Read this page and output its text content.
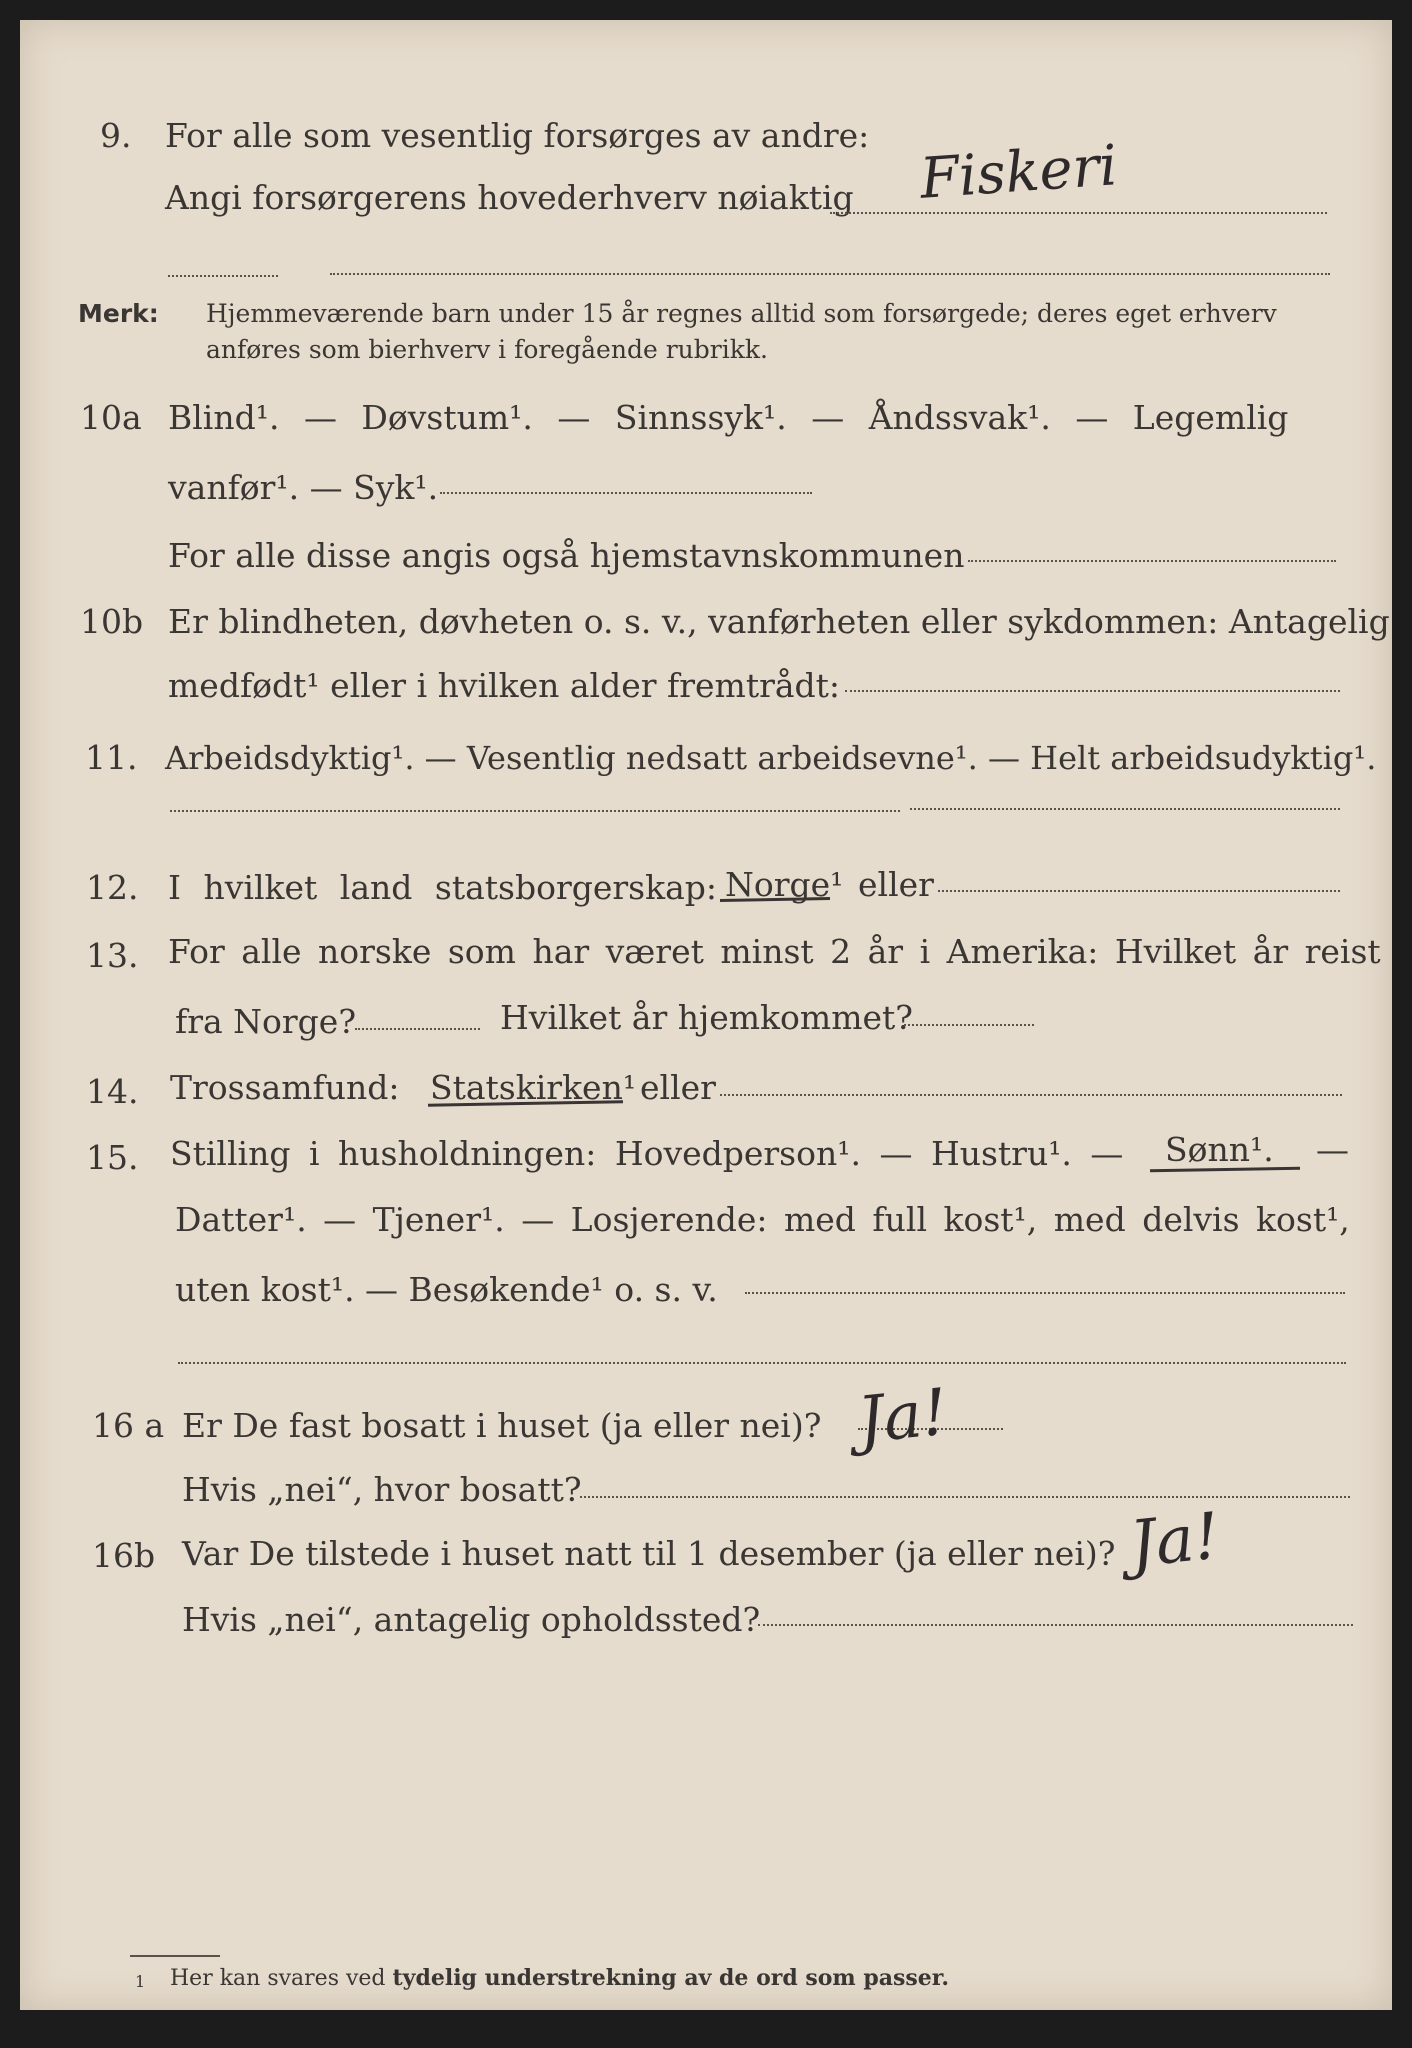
9. For alle som vesentlig forsørges av andre:
Angi forsørgerens hovederhverv nøiaktig Fiskeri
Merk: Hjemmeværende barn under 15 år regnes alltid som forsørgede; deres eget erhverv
anføres som bierhverv i foregående rubrikk.
10a Blind¹. — Døvstum¹. — Sinnssyk¹. — Åndssvak¹. — Legemlig
vanfør¹. — Syk¹.
For alle disse angis også hjemstavnskommunen
10b Er blindheten, døvheten o. s. v., vanførheten eller sykdommen: Antagelig
medfødt¹ eller i hvilken alder fremtrådt:
11. Arbeidsdyktig¹. — Vesentlig nedsatt arbeidsevne¹. — Helt arbeidsudyktig¹.
12. I hvilket land statsborgerskap: Norge¹ eller
13. For alle norske som har været minst 2 år i Amerika: Hvilket år reist
fra Norge?	Hvilket år hjemkommet?
14. Trossamfund: Statskirken¹ eller
15. Stilling i husholdningen: Hovedperson¹. — Hustru¹. — Sønn¹. —
Datter¹. — Tjener¹. — Losjerende: med full kost¹, med delvis kost¹,
uten kost¹. — Besøkende¹ o. s. v.
16 a Er De fast bosatt i huset (ja eller nei)? Ja!
Hvis „nei“, hvor bosatt?
16b Var De tilstede i huset natt til 1 desember (ja eller nei)? Ja!
Hvis „nei“, antagelig opholdssted?
1 Her kan svares ved tydelig understrekning av de ord som passer.
